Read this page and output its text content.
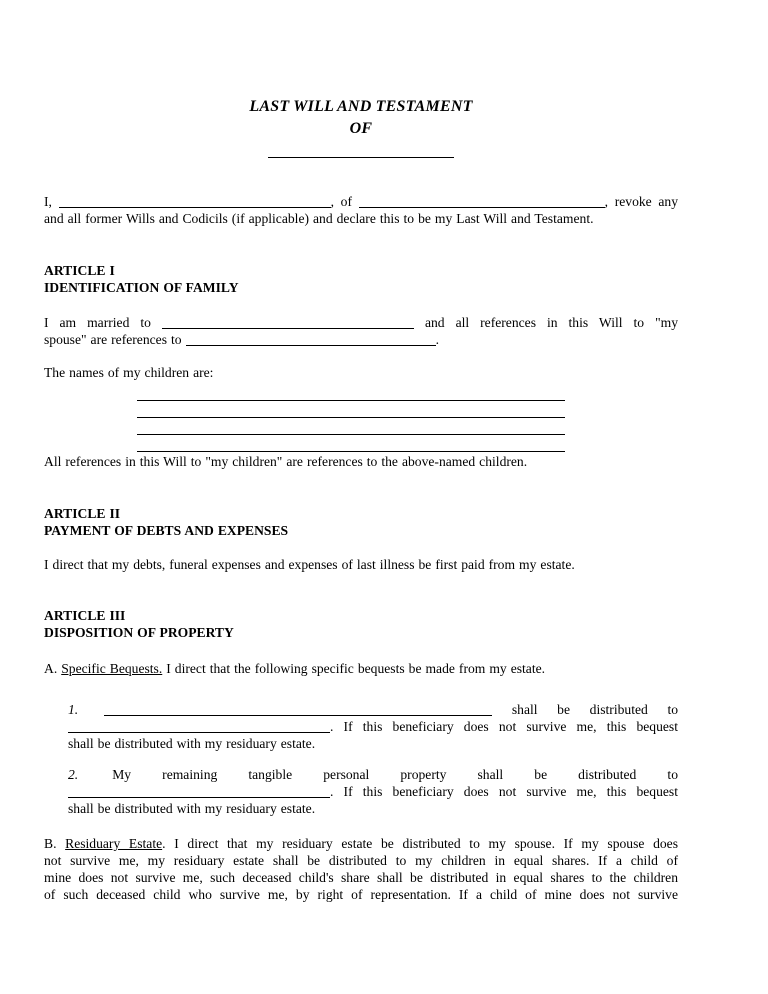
LAST WILL AND TESTAMENT
OF
I,	, of	, revoke any
and all former Wills and Codicils (if applicable) and declare this to be my Last Will and Testament.
ARTICLE I
IDENTIFICATION OF FAMILY
I am married to	and all references in this Will to "my
spouse" are references to	.
The names of my children are:
All references in this Will to "my children" are references to the above-named children.
ARTICLE II
PAYMENT OF DEBTS AND EXPENSES
I direct that my debts, funeral expenses and expenses of last illness be first paid from my estate.
ARTICLE III
DISPOSITION OF PROPERTY
A. Specific Bequests. I direct that the following specific bequests be made from my estate.
1.	shall be distributed to
. If this beneficiary does not survive me, this bequest
shall be distributed with my residuary estate.
2.	My remaining tangible personal property shall be distributed to
. If this beneficiary does not survive me, this bequest
shall be distributed with my residuary estate.
B. Residuary Estate. I direct that my residuary estate be distributed to my spouse. If my spouse does
not survive me, my residuary estate shall be distributed to my children in equal shares. If a child of
mine does not survive me, such deceased child's share shall be distributed in equal shares to the children
of such deceased child who survive me, by right of representation. If a child of mine does not survive
